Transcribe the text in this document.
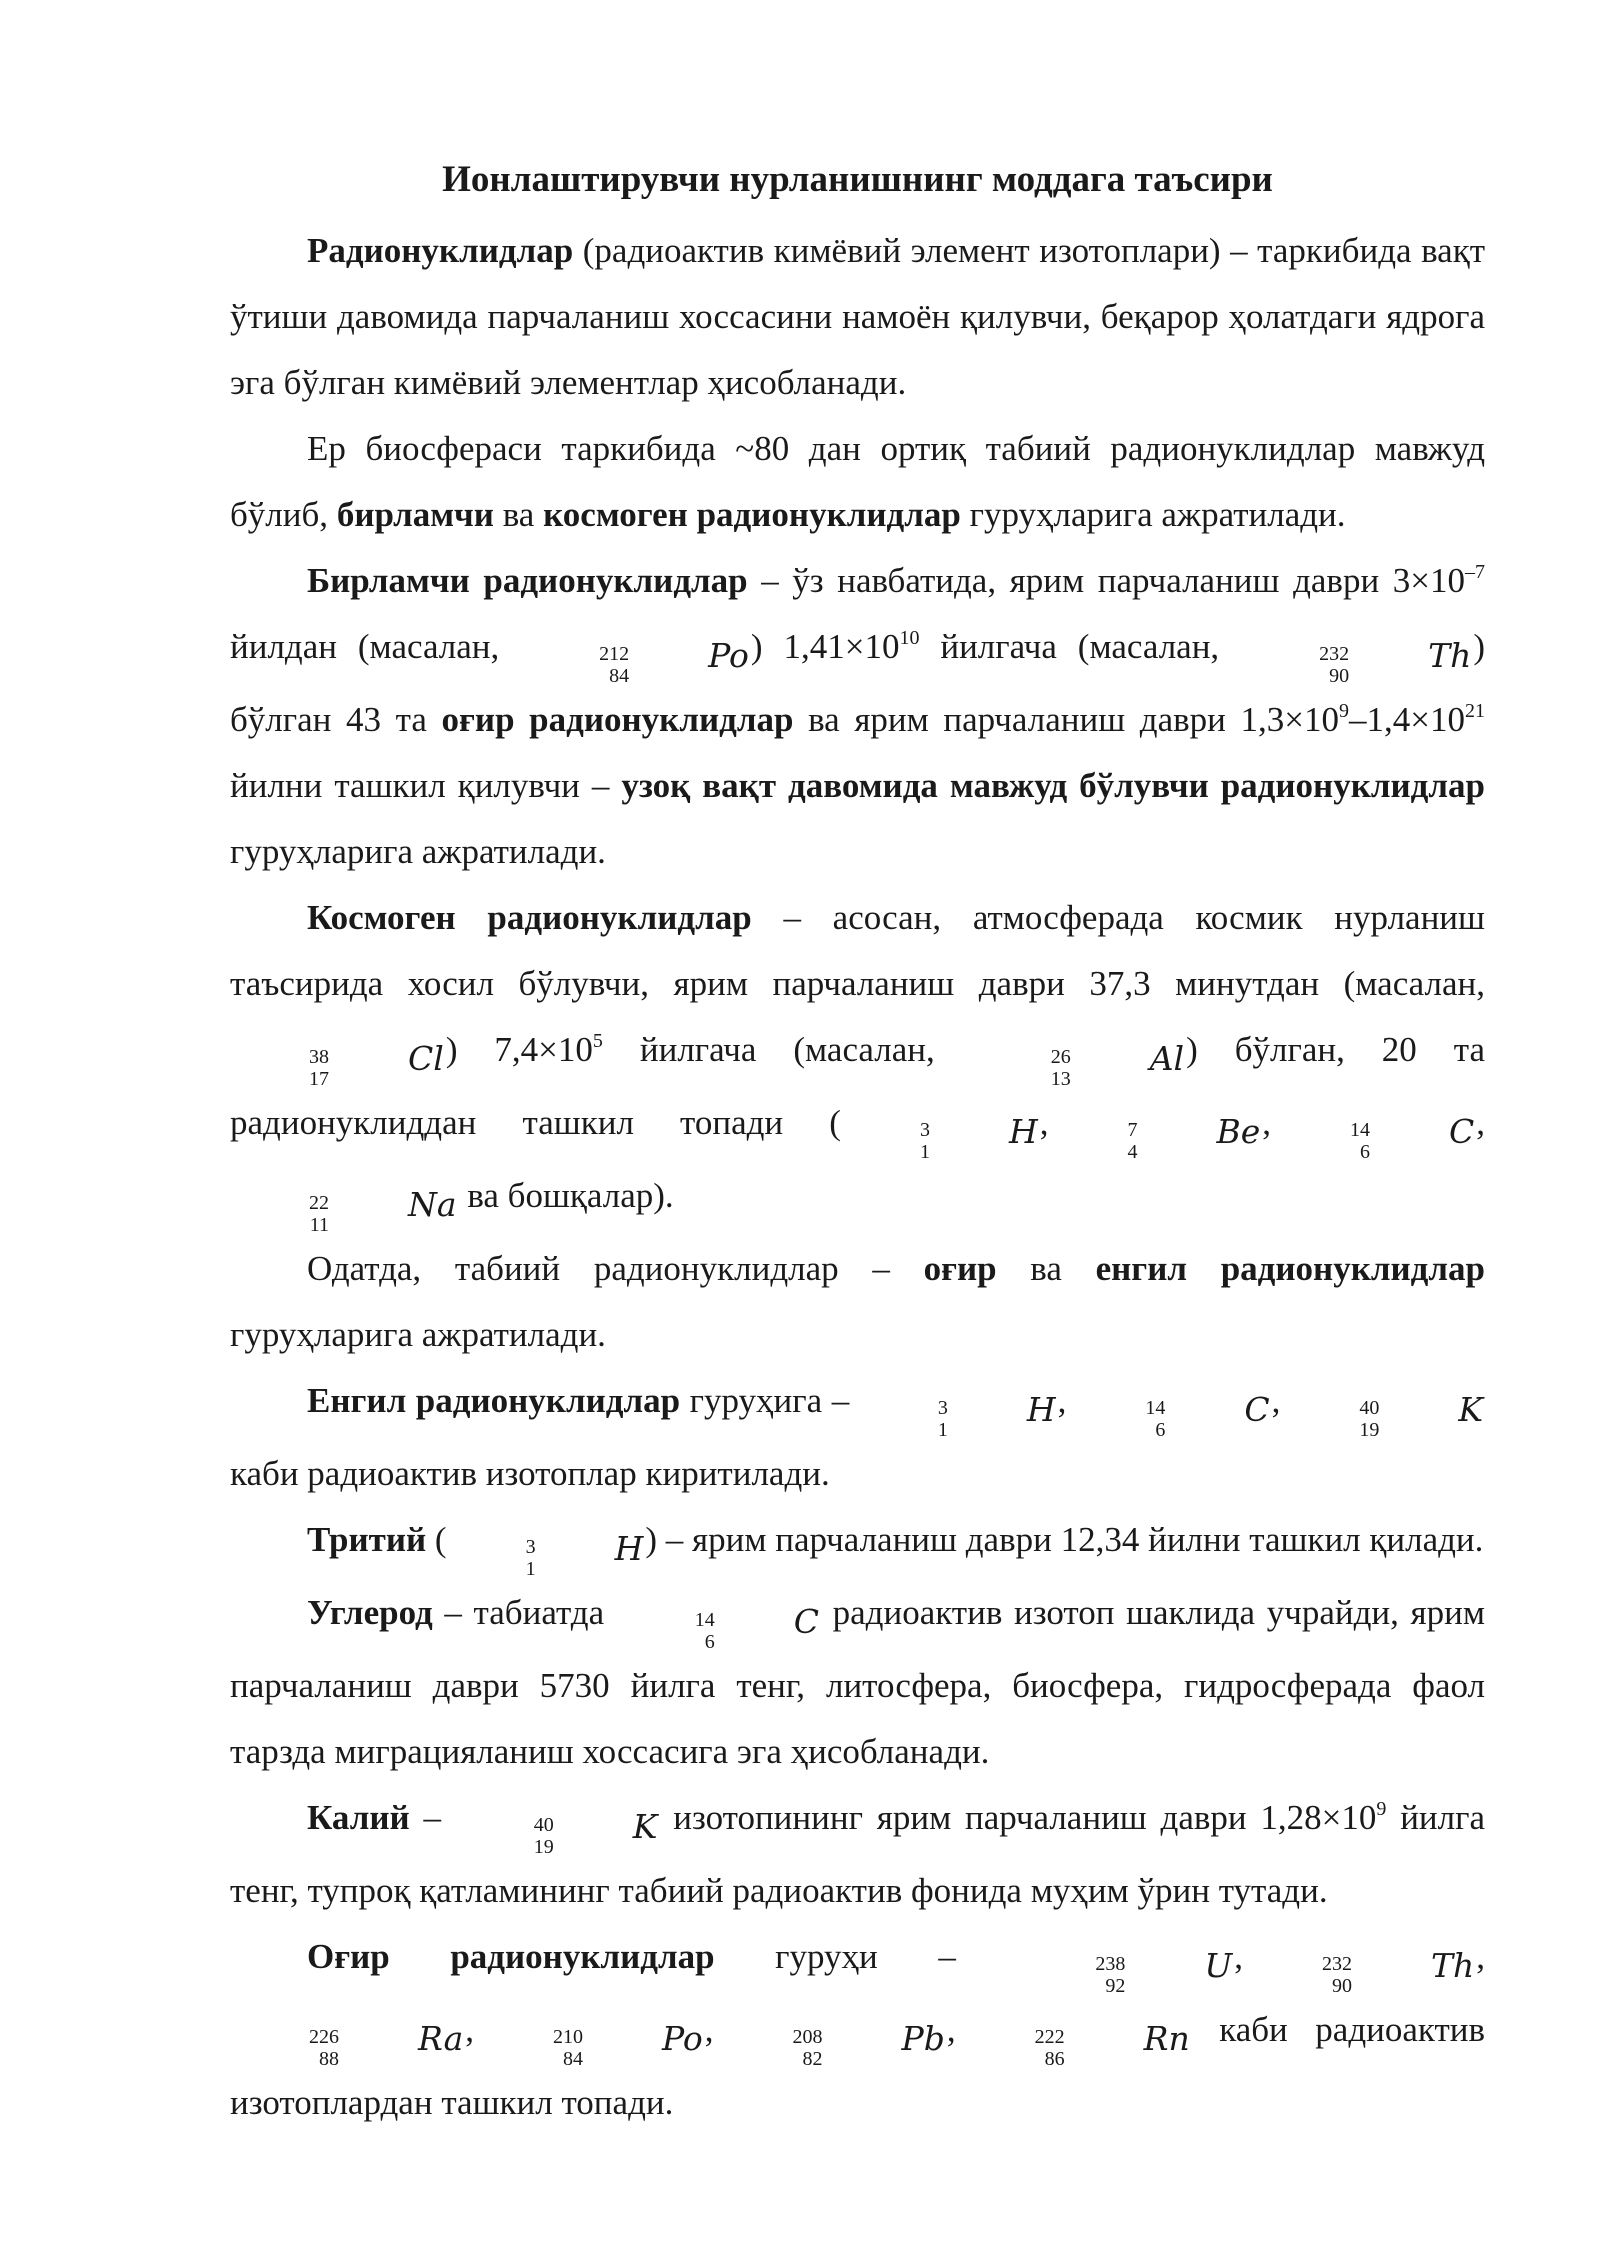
Ионлаштирувчи нурланишнинг моддага таъсири

Радионуклидлар (радиоактив кимёвий элемент изотоплари) – таркибида вақт ўтиши давомида парчаланиш хоссасини намоён қилувчи, беқарор ҳолатдаги ядрога эга бўлган кимёвий элементлар ҳисобланади.

Ер биосфераси таркибида ~80 дан ортиқ табиий радионуклидлар мавжуд бўлиб, бирламчи ва космоген радионуклидлар гуруҳларига ажратилади.

Бирламчи радионуклидлар – ўз навбатида, ярим парчаланиш даври $3\times 10^{-7}$ йилдан (масалан,	212
84
Po ) $1,41\times 10^{10}$ йилгача (масалан,	232
90
Th ) бўлган 43 та оғир радионуклидлар ва ярим парчаланиш даври $1,3\times 10^9-1,4\times 10^{21}$ йилни ташкил қилувчи – узоқ вақт давомида мавжуд бўлувчи радионуклидлар гуруҳларига ажратилади.

Космоген радионуклидлар – асосан, атмосферада космик нурланиш таъсирида хосил бўлувчи, ярим парчаланиш даври 37,3 минутдан (масалан,
38
17
Cl ) $7,4\times 10^5$ йилгача (масалан,	26
13
Al ) бўлган, 20 та радионуклиддан ташкил топади (	3
1
H ,	7
4
Be ,	14
6
C ,
22
11
Na ва бошқалар).

Одатда, табиий радионуклидлар – оғир ва енгил радионуклидлар гуруҳларига ажратилади.

Енгил радионуклидлар гуруҳига –	3
1
H ,	14
6
C ,	40
19
K
каби радиоактив изотоплар киритилади.

Тритий (	3
1
H ) – ярим парчаланиш даври 12,34 йилни ташкил қилади.

Углерод – табиатда	14
6
C радиоактив изотоп шаклида учрайди, ярим парчаланиш даври 5730 йилга тенг, литосфера, биосфера, гидросферада фаол тарзда миграцияланиш хоссасига эга ҳисобланади.

Калий –	40
19
K изотопининг ярим парчаланиш даври $1,28\times 10^9$ йилга тенг, тупроқ қатламининг табиий радиоактив фонида муҳим ўрин тутади.

Оғир радионуклидлар гуруҳи –	238
92
U ,	232
90
Th ,
226
88
Ra ,	210
84
Po ,	208
82
Pb ,	222
86
Rn каби радиоактив изотоплардан ташкил топади.
